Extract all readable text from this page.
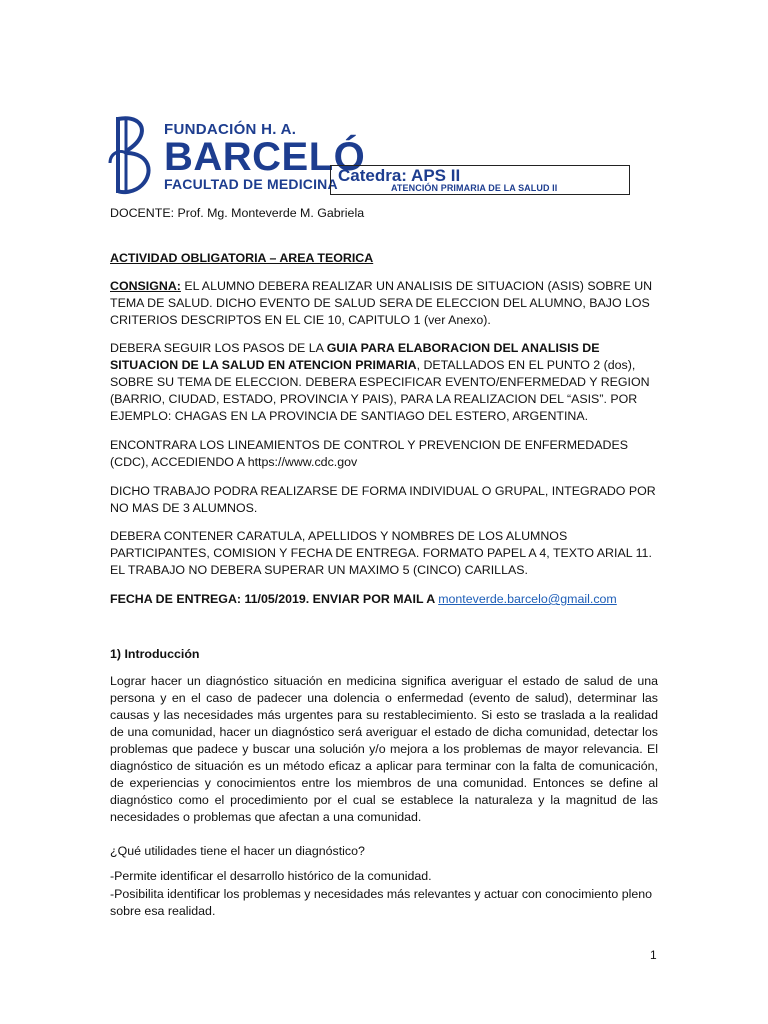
FUNDACIÓN H. A.
BARCELÓ
FACULTAD DE MEDICINA Catedra: APS II
ATENCIÓN PRIMARIA DE LA SALUD II
DOCENTE: Prof. Mg. Monteverde M. Gabriela
ACTIVIDAD OBLIGATORIA – AREA TEORICA
CONSIGNA: EL ALUMNO DEBERA REALIZAR UN ANALISIS DE SITUACION (ASIS) SOBRE UN TEMA DE SALUD. DICHO EVENTO DE SALUD SERA DE ELECCION DEL ALUMNO, BAJO LOS CRITERIOS DESCRIPTOS EN EL CIE 10, CAPITULO 1 (ver Anexo).
DEBERA SEGUIR LOS PASOS DE LA GUIA PARA ELABORACION DEL ANALISIS DE SITUACION DE LA SALUD EN ATENCION PRIMARIA, DETALLADOS EN EL PUNTO 2 (dos), SOBRE SU TEMA DE ELECCION. DEBERA ESPECIFICAR EVENTO/ENFERMEDAD Y REGION (BARRIO, CIUDAD, ESTADO, PROVINCIA Y PAIS), PARA LA REALIZACION DEL “ASIS”. POR EJEMPLO: CHAGAS EN LA PROVINCIA DE SANTIAGO DEL ESTERO, ARGENTINA.
ENCONTRARA LOS LINEAMIENTOS DE CONTROL Y PREVENCION DE ENFERMEDADES (CDC), ACCEDIENDO A https://www.cdc.gov
DICHO TRABAJO PODRA REALIZARSE DE FORMA INDIVIDUAL O GRUPAL, INTEGRADO POR NO MAS DE 3 ALUMNOS.
DEBERA CONTENER CARATULA, APELLIDOS Y NOMBRES DE LOS ALUMNOS PARTICIPANTES, COMISION Y FECHA DE ENTREGA. FORMATO PAPEL A 4, TEXTO ARIAL 11. EL TRABAJO NO DEBERA SUPERAR UN MAXIMO 5 (CINCO) CARILLAS.
FECHA DE ENTREGA: 11/05/2019. ENVIAR POR MAIL A monteverde.barcelo@gmail.com
1) Introducción
Lograr hacer un diagnóstico situación en medicina significa averiguar el estado de salud de una persona y en el caso de padecer una dolencia o enfermedad (evento de salud), determinar las causas y las necesidades más urgentes para su restablecimiento. Si esto se traslada a la realidad de una comunidad, hacer un diagnóstico será averiguar el estado de dicha comunidad, detectar los problemas que padece y buscar una solución y/o mejora a los problemas de mayor relevancia. El diagnóstico de situación es un método eficaz a aplicar para terminar con la falta de comunicación, de experiencias y conocimientos entre los miembros de una comunidad. Entonces se define al diagnóstico como el procedimiento por el cual se establece la naturaleza y la magnitud de las necesidades o problemas que afectan a una comunidad.
¿Qué utilidades tiene el hacer un diagnóstico?
-Permite identificar el desarrollo histórico de la comunidad.
-Posibilita identificar los problemas y necesidades más relevantes y actuar con conocimiento pleno sobre esa realidad.
1
